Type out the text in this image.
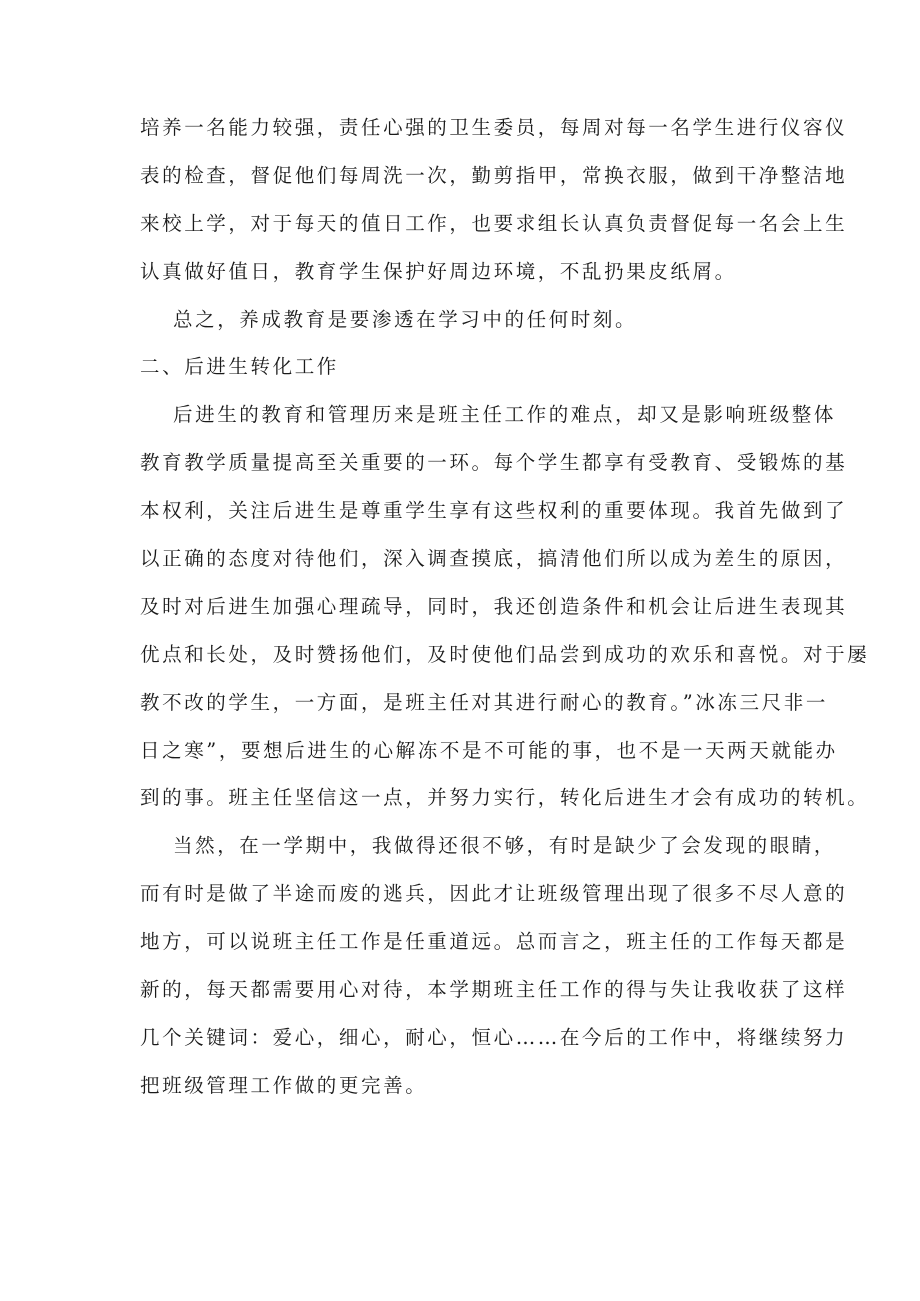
培养一名能力较强，责任心强的卫生委员，每周对每一名学生进行仪容仪
表的检查，督促他们每周洗一次，勤剪指甲，常换衣服，做到干净整洁地
来校上学，对于每天的值日工作，也要求组长认真负责督促每一名会上生
认真做好值日，教育学生保护好周边环境，不乱扔果皮纸屑。
总之，养成教育是要渗透在学习中的任何时刻。
二、后进生转化工作
后进生的教育和管理历来是班主任工作的难点，却又是影响班级整体
教育教学质量提高至关重要的一环。每个学生都享有受教育、受锻炼的基
本权利，关注后进生是尊重学生享有这些权利的重要体现。我首先做到了
以正确的态度对待他们，深入调查摸底，搞清他们所以成为差生的原因，
及时对后进生加强心理疏导，同时，我还创造条件和机会让后进生表现其
优点和长处，及时赞扬他们，及时使他们品尝到成功的欢乐和喜悦。对于屡
教不改的学生，一方面，是班主任对其进行耐心的教育。”冰冻三尺非一
日之寒”，要想后进生的心解冻不是不可能的事，也不是一天两天就能办
到的事。班主任坚信这一点，并努力实行，转化后进生才会有成功的转机。
当然，在一学期中，我做得还很不够，有时是缺少了会发现的眼睛，
而有时是做了半途而废的逃兵，因此才让班级管理出现了很多不尽人意的
地方，可以说班主任工作是任重道远。总而言之，班主任的工作每天都是
新的，每天都需要用心对待，本学期班主任工作的得与失让我收获了这样
几个关键词：爱心，细心，耐心，恒心……在今后的工作中，将继续努力
把班级管理工作做的更完善。
